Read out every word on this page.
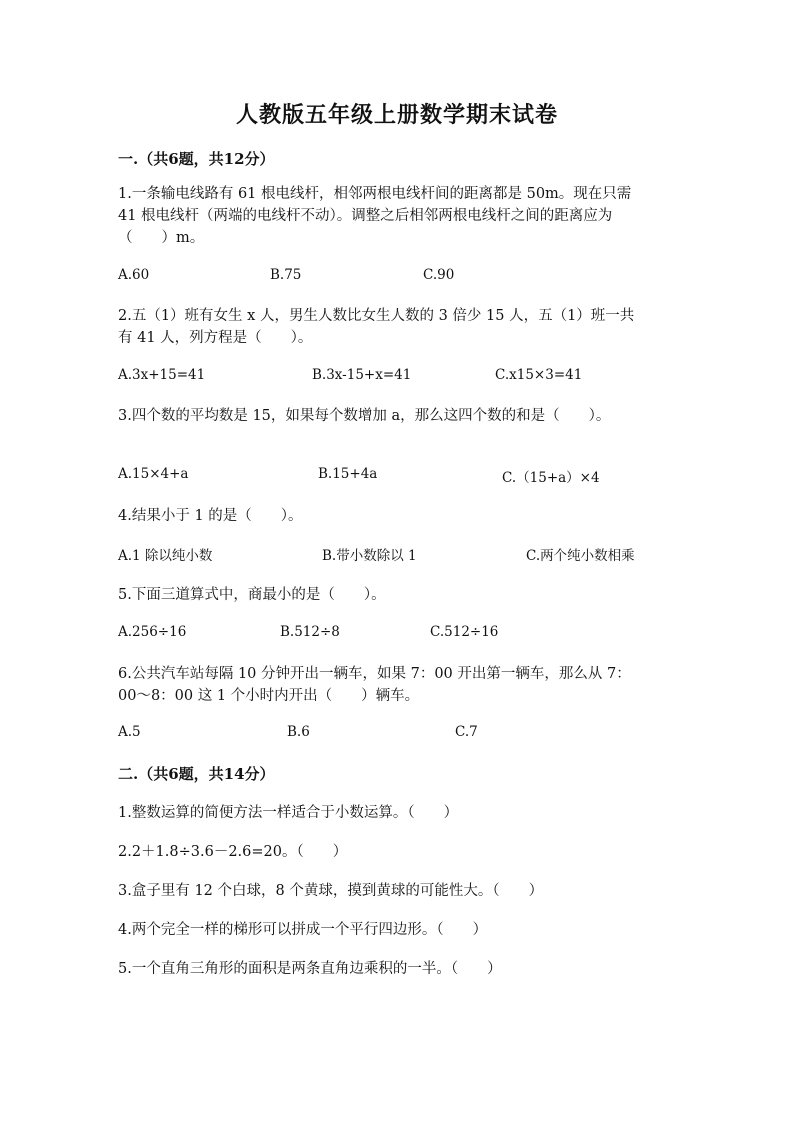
人教版五年级上册数学期末试卷
一.（共6题，共12分）
1.一条输电线路有 61 根电线杆，相邻两根电线杆间的距离都是 50m。现在只需
41 根电线杆（两端的电线杆不动）。调整之后相邻两根电线杆之间的距离应为
（　　）m。
A.60	B.75	C.90
2.五（1）班有女生 x 人，男生人数比女生人数的 3 倍少 15 人，五（1）班一共
有 41 人，列方程是（　　）。
A.3x+15=41	B.3x-15+x=41	C.x15×3=41
3.四个数的平均数是 15，如果每个数增加 a，那么这四个数的和是（　　）。
A.15×4+a	B.15+4a	C.（15+a）×4
4.结果小于 1 的是（　　）。
A.1 除以纯小数	B.带小数除以 1	C.两个纯小数相乘
5.下面三道算式中，商最小的是（　　）。
A.256÷16	B.512÷8	C.512÷16
6.公共汽车站每隔 10 分钟开出一辆车，如果 7：00 开出第一辆车，那么从 7：
00～8：00 这 1 个小时内开出（　　）辆车。
A.5	B.6	C.7
二.（共6题，共14分）
1.整数运算的简便方法一样适合于小数运算。（　　）
2.2＋1.8÷3.6－2.6=20。（　　）
3.盒子里有 12 个白球，8 个黄球，摸到黄球的可能性大。（　　）
4.两个完全一样的梯形可以拼成一个平行四边形。（　　）
5.一个直角三角形的面积是两条直角边乘积的一半。（　　）
